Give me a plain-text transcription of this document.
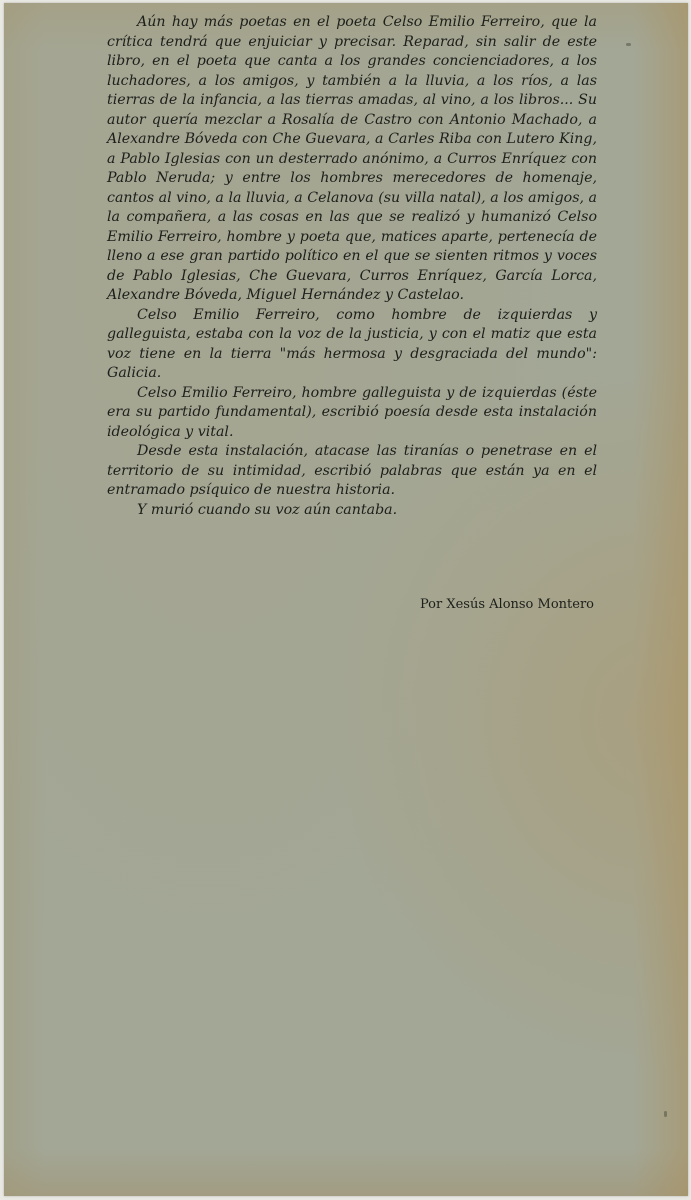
Aún hay más poetas en el poeta Celso Emilio Ferreiro, que la crítica tendrá que enjuiciar y precisar. Reparad, sin salir de este libro, en el poeta que canta a los grandes concienciadores, a los luchadores, a los amigos, y también a la lluvia, a los ríos, a las tierras de la infancia, a las tierras amadas, al vino, a los libros... Su autor quería mezclar a Rosalía de Castro con Antonio Machado, a Alexandre Bóveda con Che Guevara, a Carles Riba con Lutero King, a Pablo Iglesias con un desterrado anónimo, a Curros Enríquez con Pablo Neruda; y entre los hombres merecedores de homenaje, cantos al vino, a la lluvia, a Celanova (su villa natal), a los amigos, a la compañera, a las cosas en las que se realizó y humanizó Celso Emilio Ferreiro, hombre y poeta que, matices aparte, pertenecía de lleno a ese gran partido político en el que se sienten ritmos y voces de Pablo Iglesias, Che Guevara, Curros Enríquez, García Lorca, Alexandre Bóveda, Miguel Hernández y Castelao.

Celso Emilio Ferreiro, como hombre de izquierdas y galleguista, estaba con la voz de la justicia, y con el matiz que esta voz tiene en la tierra "más hermosa y desgraciada del mundo": Galicia.

Celso Emilio Ferreiro, hombre galleguista y de izquierdas (éste era su partido fundamental), escribió poesía desde esta instalación ideológica y vital.

Desde esta instalación, atacase las tiranías o penetrase en el territorio de su intimidad, escribió palabras que están ya en el entramado psíquico de nuestra historia.

Y murió cuando su voz aún cantaba.

Por Xesús Alonso Montero
